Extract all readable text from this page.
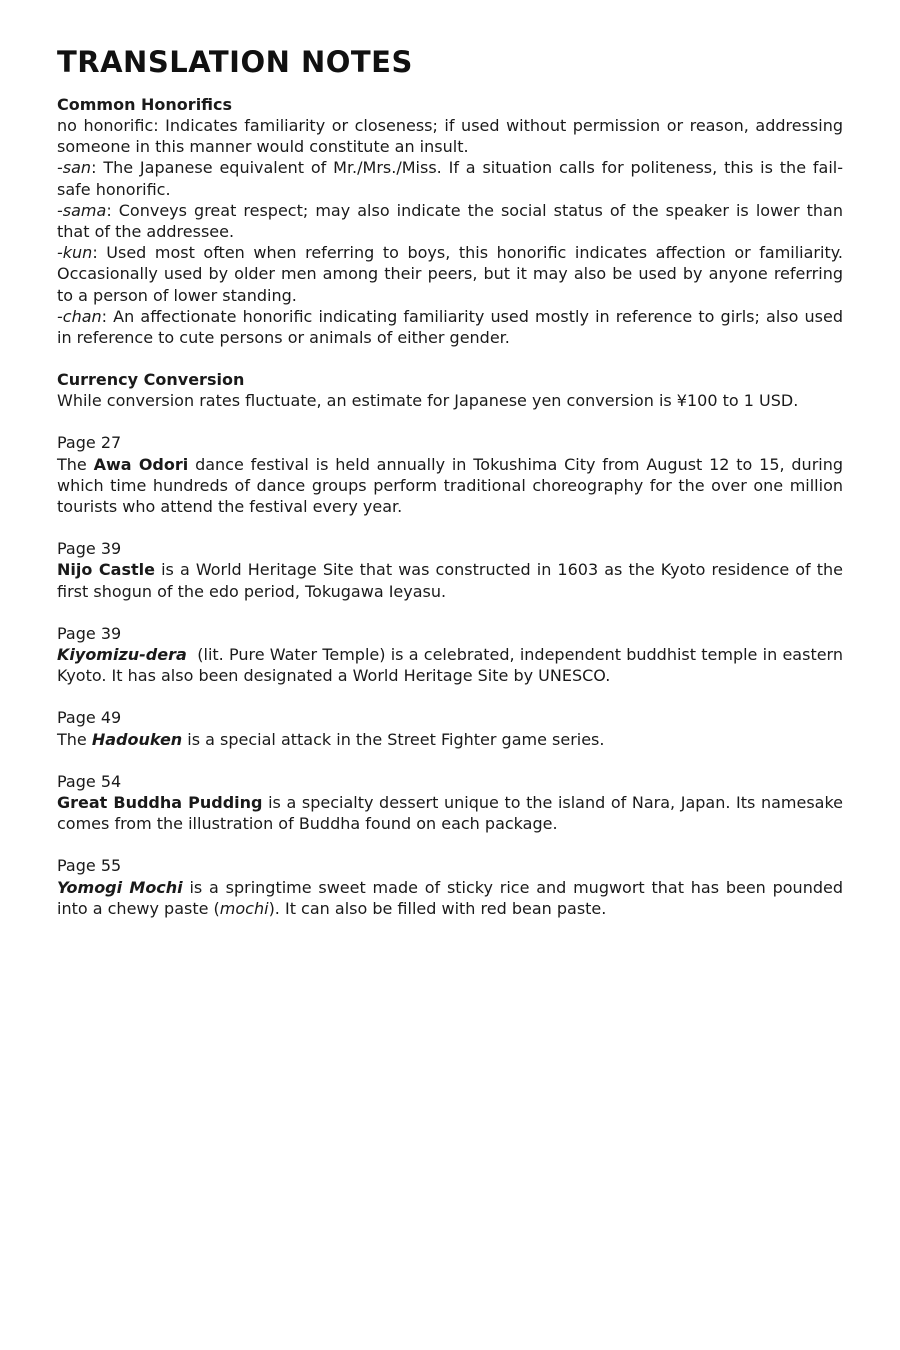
TRANSLATION NOTES

Common Honorifics

no honorific: Indicates familiarity or closeness; if used without permission or reason, addressing someone in this manner would constitute an insult.

-san: The Japanese equivalent of Mr./Mrs./Miss. If a situation calls for politeness, this is the fail-safe honorific.

-sama: Conveys great respect; may also indicate the social status of the speaker is lower than that of the addressee.

-kun: Used most often when referring to boys, this honorific indicates affection or familiarity. Occasionally used by older men among their peers, but it may also be used by anyone referring to a person of lower standing.

-chan: An affectionate honorific indicating familiarity used mostly in reference to girls; also used in reference to cute persons or animals of either gender.

Currency Conversion

While conversion rates fluctuate, an estimate for Japanese yen conversion is ¥100 to 1 USD.

Page 27

The Awa Odori dance festival is held annually in Tokushima City from August 12 to 15, during which time hundreds of dance groups perform traditional choreography for the over one million tourists who attend the festival every year.

Page 39

Nijo Castle is a World Heritage Site that was constructed in 1603 as the Kyoto residence of the first shogun of the edo period, Tokugawa Ieyasu.

Page 39

Kiyomizu-dera  (lit. Pure Water Temple) is a celebrated, independent buddhist temple in eastern Kyoto. It has also been designated a World Heritage Site by UNESCO.

Page 49

The Hadouken is a special attack in the Street Fighter game series.

Page 54

Great Buddha Pudding is a specialty dessert unique to the island of Nara, Japan. Its namesake comes from the illustration of Buddha found on each package.

Page 55

Yomogi Mochi is a springtime sweet made of sticky rice and mugwort that has been pounded into a chewy paste (mochi). It can also be filled with red bean paste.
